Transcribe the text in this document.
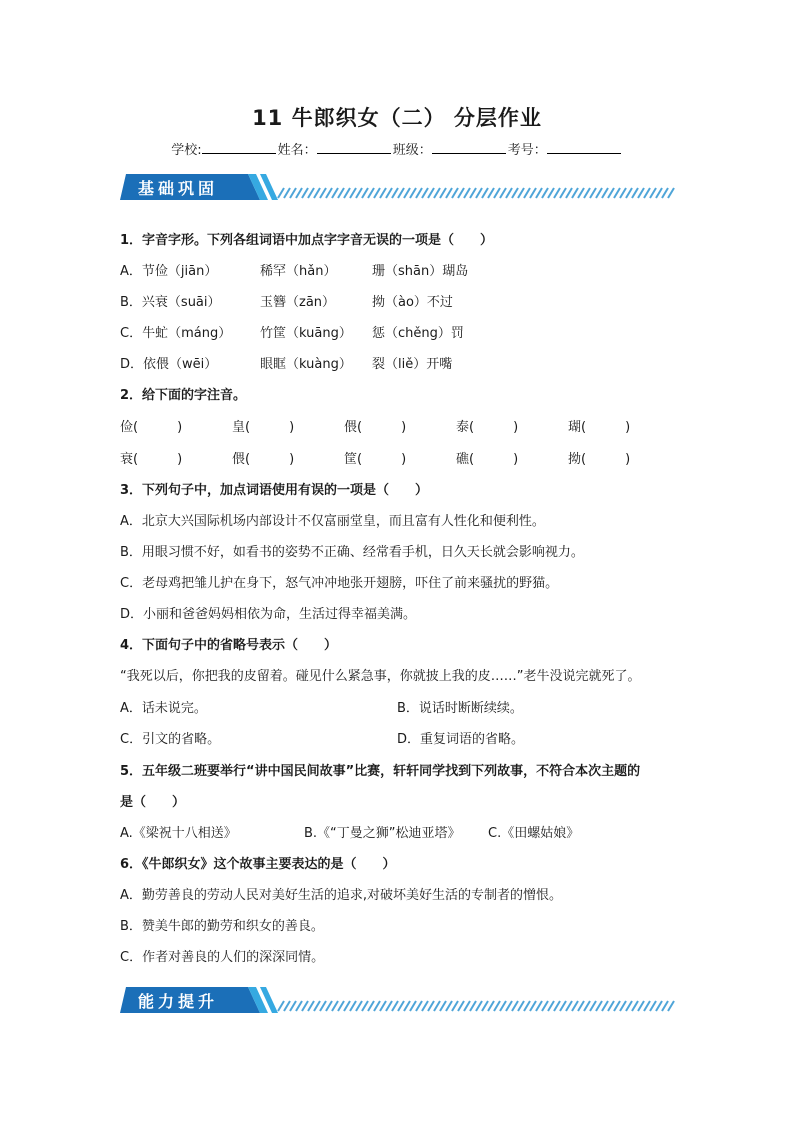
11 牛郎织女（二） 分层作业
学校:	姓名：	班级：	考号：
基础巩固
1．字音字形。下列各组词语中加点字字音无误的一项是（　　）
A．节俭（jiān）	稀罕（hǎn）	珊（shān）瑚岛
B．兴衰（suāi）	玉簪（zān）	拗（ào）不过
C．牛虻（máng） 竹筐（kuāng） 惩（chěng）罚
D．依偎（wēi）	眼眶（kuàng） 裂（liě）开嘴
2．给下面的字注音。
俭(　　　)	皇(　　　)	偎(　　　)	泰(　　　)	瑚(　　　)
衰(　　　)	偎(　　　)	筐(　　　)	礁(　　　)	拗(　　　)
3．下列句子中，加点词语使用有误的一项是（　　）
A．北京大兴国际机场内部设计不仅富丽堂皇，而且富有人性化和便利性。
B．用眼习惯不好，如看书的姿势不正确、经常看手机，日久天长就会影响视力。
C．老母鸡把雏儿护在身下，怒气冲冲地张开翅膀，吓住了前来骚扰的野猫。
D．小丽和爸爸妈妈相依为命，生活过得幸福美满。
4．下面句子中的省略号表示（　　）
“我死以后，你把我的皮留着。碰见什么紧急事，你就披上我的皮……”老牛没说完就死了。
A．话未说完。	B．说话时断断续续。
C．引文的省略。	D．重复词语的省略。
5．五年级二班要举行“讲中国民间故事”比赛，轩轩同学找到下列故事，不符合本次主题的
是（　　）
A.《梁祝十八相送》	B.《“丁曼之狮”松迪亚塔》 C.《田螺姑娘》
6．《牛郎织女》这个故事主要表达的是（　　）
A．勤劳善良的劳动人民对美好生活的追求,对破坏美好生活的专制者的憎恨。
B．赞美牛郎的勤劳和织女的善良。
C．作者对善良的人们的深深同情。
能力提升
